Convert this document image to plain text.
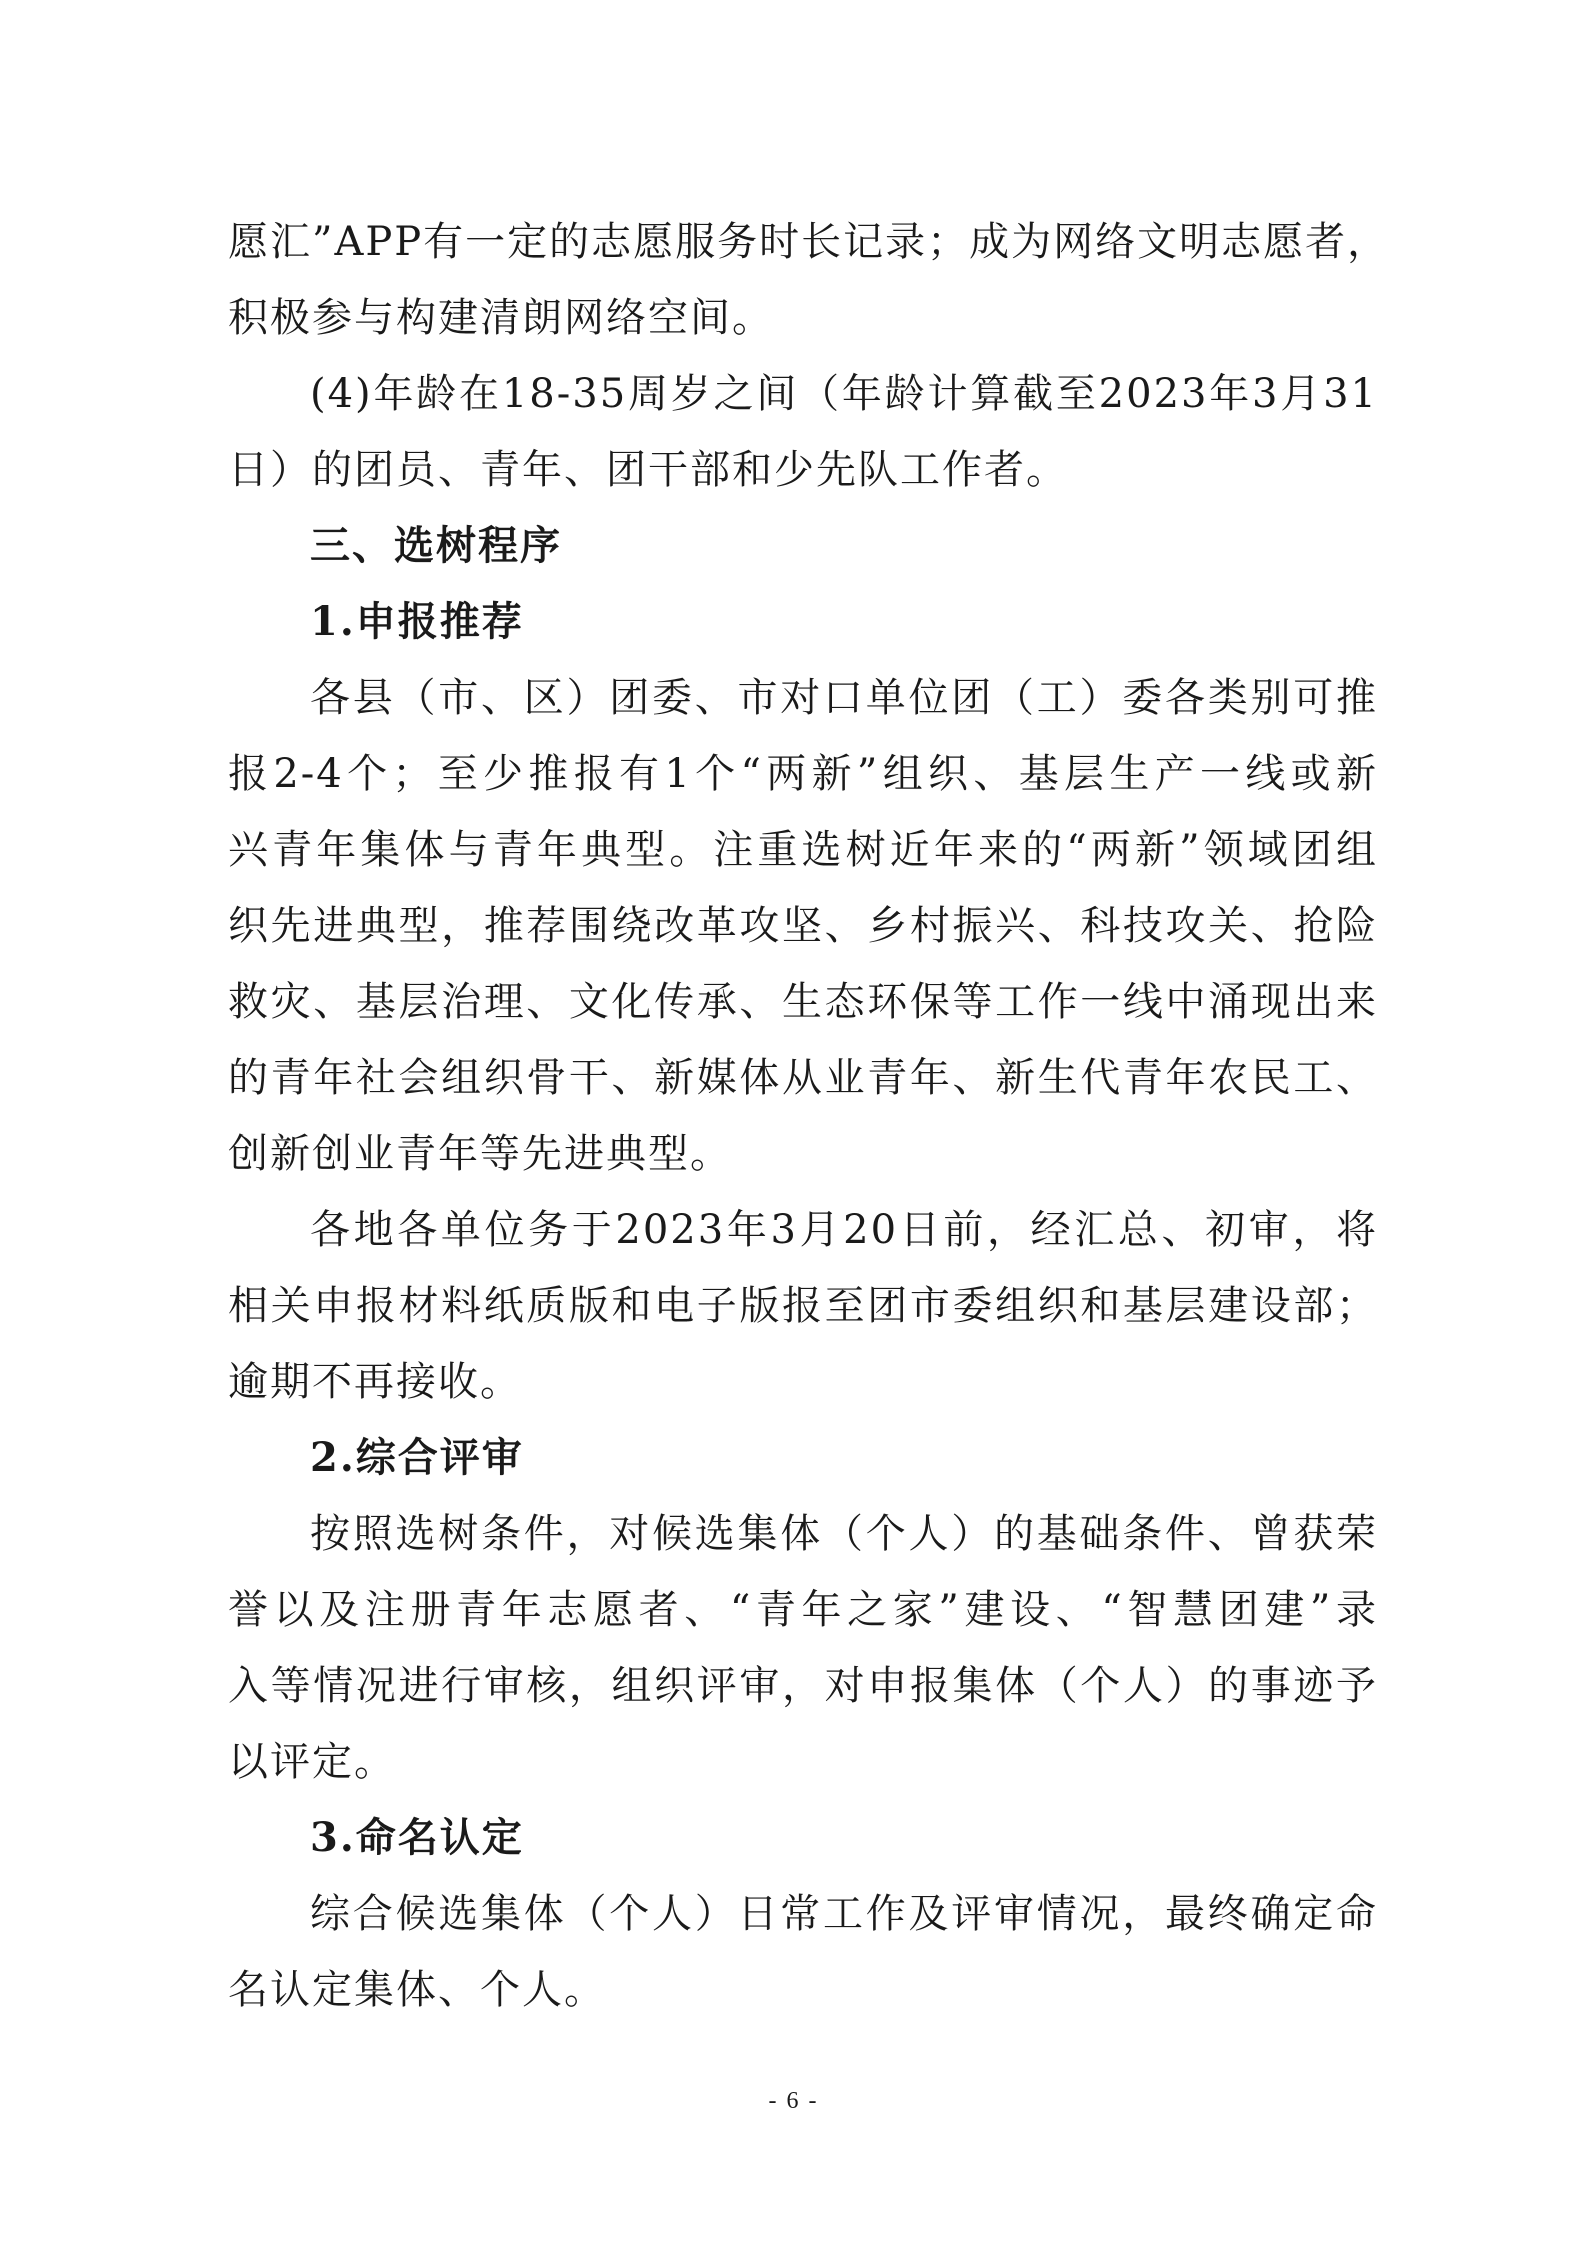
愿汇”APP有一定的志愿服务时长记录；成为网络文明志愿者，
积极参与构建清朗网络空间。
(4)年龄在18-35周岁之间（年龄计算截至2023年3月31
日）的团员、青年、团干部和少先队工作者。
三、选树程序
1.申报推荐
各县（市、区）团委、市对口单位团（工）委各类别可推
报2-4个；至少推报有1个“两新”组织、基层生产一线或新
兴青年集体与青年典型。注重选树近年来的“两新”领域团组
织先进典型，推荐围绕改革攻坚、乡村振兴、科技攻关、抢险
救灾、基层治理、文化传承、生态环保等工作一线中涌现出来
的青年社会组织骨干、新媒体从业青年、新生代青年农民工、
创新创业青年等先进典型。
各地各单位务于2023年3月20日前，经汇总、初审，将
相关申报材料纸质版和电子版报至团市委组织和基层建设部；
逾期不再接收。
2.综合评审
按照选树条件，对候选集体（个人）的基础条件、曾获荣
誉以及注册青年志愿者、“青年之家”建设、“智慧团建”录
入等情况进行审核，组织评审，对申报集体（个人）的事迹予
以评定。
3.命名认定
综合候选集体（个人）日常工作及评审情况，最终确定命
名认定集体、个人。
- 6 -
